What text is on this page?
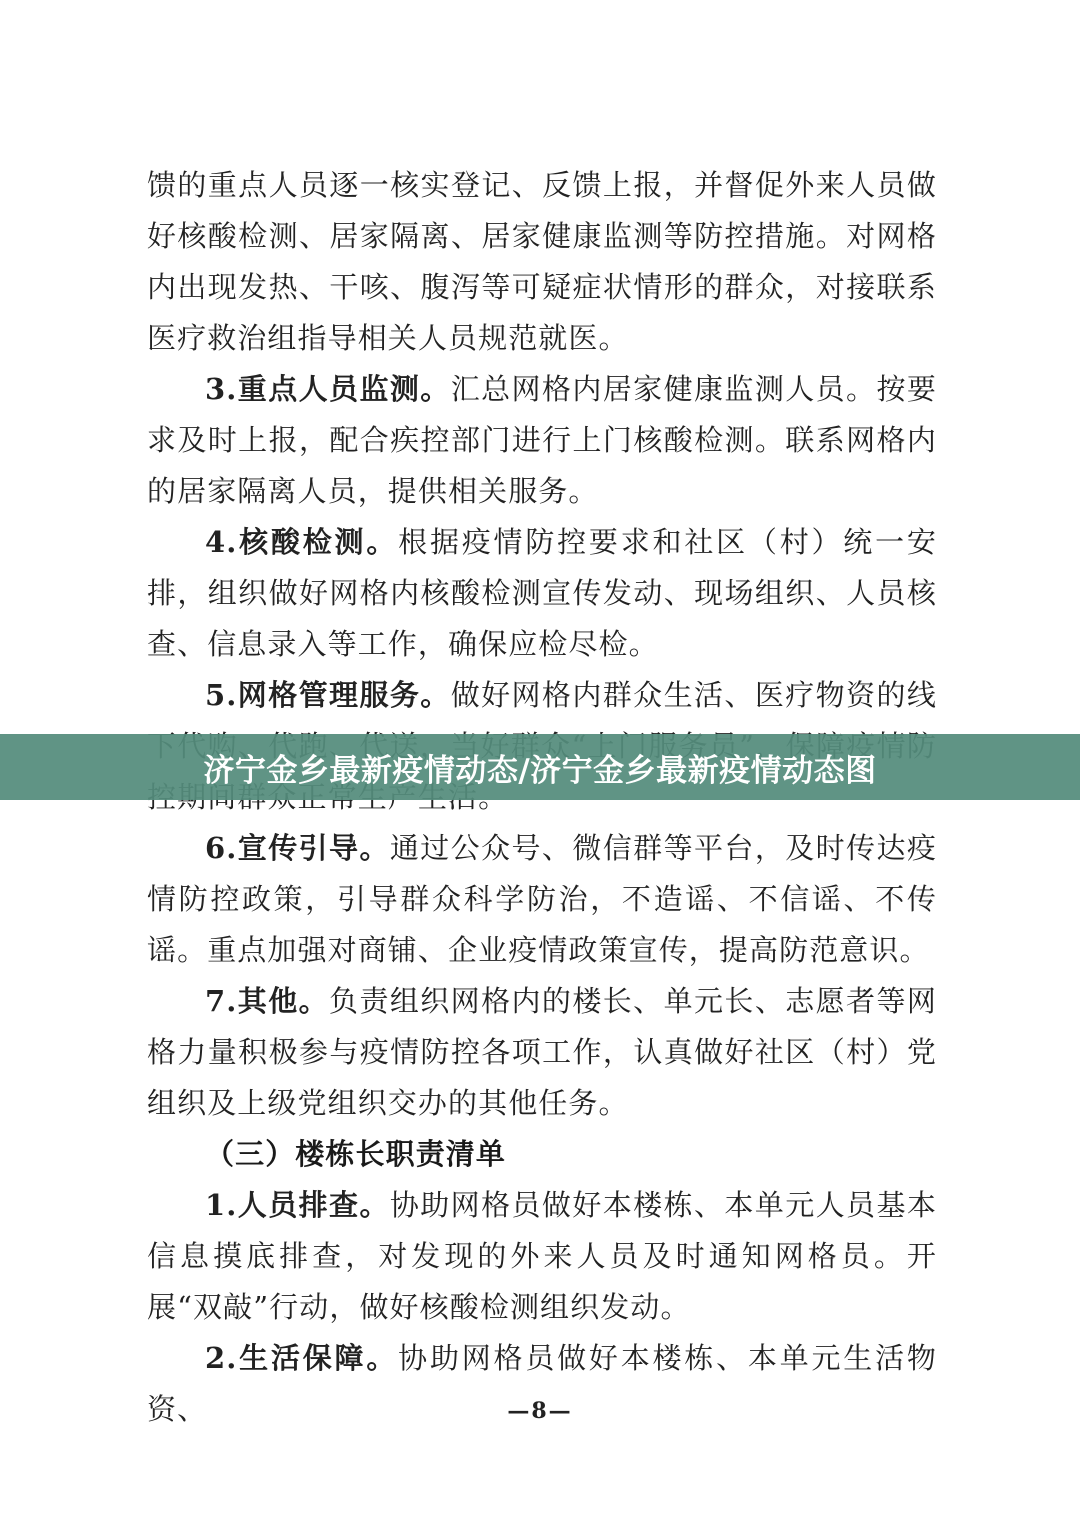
馈的重点人员逐一核实登记、反馈上报，并督促外来人员做好核酸检测、居家隔离、居家健康监测等防控措施。对网格内出现发热、干咳、腹泻等可疑症状情形的群众，对接联系医疗救治组指导相关人员规范就医。

3.重点人员监测。汇总网格内居家健康监测人员。按要求及时上报，配合疾控部门进行上门核酸检测。联系网格内的居家隔离人员，提供相关服务。

4.核酸检测。根据疫情防控要求和社区（村）统一安排，组织做好网格内核酸检测宣传发动、现场组织、人员核查、信息录入等工作，确保应检尽检。

5.网格管理服务。做好网格内群众生活、医疗物资的线

6.宣传引导。通过公众号、微信群等平台，及时传达疫情防控政策，引导群众科学防治，不造谣、不信谣、不传谣。重点加强对商铺、企业疫情政策宣传，提高防范意识。

7.其他。负责组织网格内的楼长、单元长、志愿者等网格力量积极参与疫情防控各项工作，认真做好社区（村）党组织及上级党组织交办的其他任务。

（三）楼栋长职责清单

1.人员排查。协助网格员做好本楼栋、本单元人员基本信息摸底排查，对发现的外来人员及时通知网格员。开展“双敲”行动，做好核酸检测组织发动。

2.生活保障。协助网格员做好本楼栋、本单元生活物资、	—8—
济宁金乡最新疫情动态/济宁金乡最新疫情动态图
